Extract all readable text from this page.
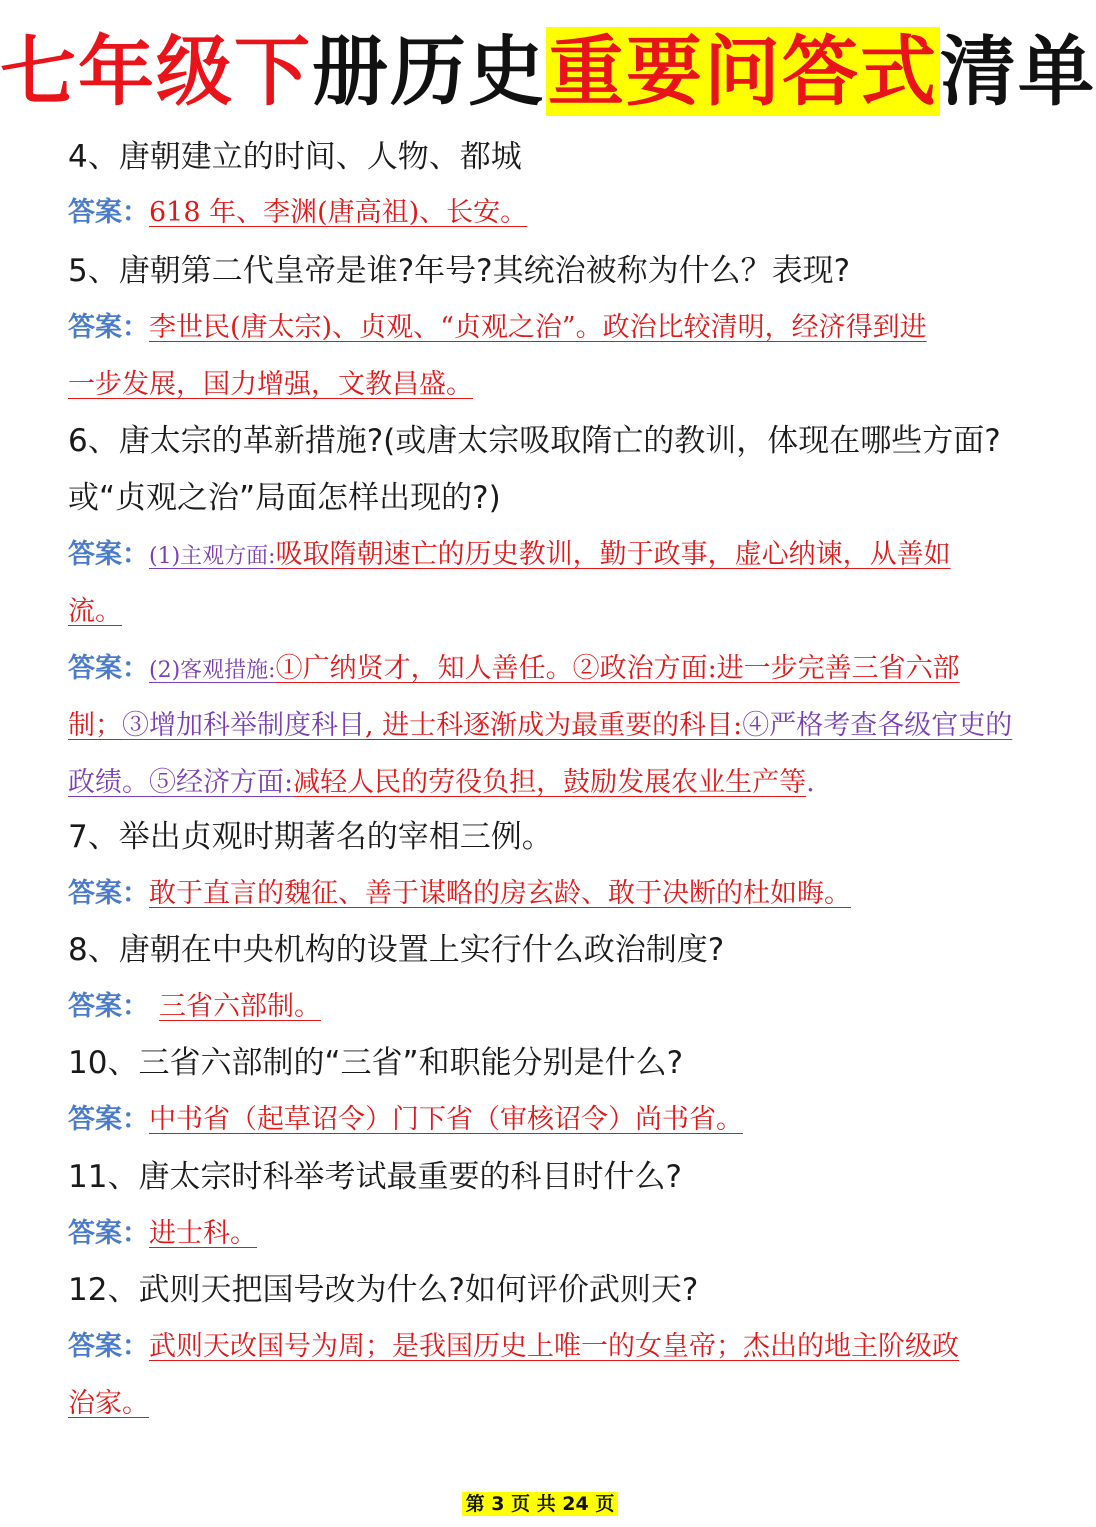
七年级下册历史重要问答式清单
4、唐朝建立的时间、人物、都城
答案：618 年、李渊(唐高祖)、长安。
5、唐朝第二代皇帝是谁?年号?其统治被称为什么？表现?
答案：李世民(唐太宗)、贞观、“贞观之治”。政治比较清明，经济得到进
一步发展，国力增强，文教昌盛。
6、唐太宗的革新措施?(或唐太宗吸取隋亡的教训，体现在哪些方面?
或“贞观之治”局面怎样出现的?)
答案：(1)主观方面:吸取隋朝速亡的历史教训，勤于政事，虚心纳谏，从善如
流。
答案：(2)客观措施:①广纳贤才，知人善任。②政治方面:进一步完善三省六部
制；③增加科举制度科目, 进士科逐渐成为最重要的科目:④严格考查各级官吏的
政绩。⑤经济方面:减轻人民的劳役负担，鼓励发展农业生产等.
7、举出贞观时期著名的宰相三例。
答案：敢于直言的魏征、善于谋略的房玄龄、敢于决断的杜如晦。
8、唐朝在中央机构的设置上实行什么政治制度?
答案： 三省六部制。
10、三省六部制的“三省”和职能分别是什么?
答案：中书省（起草诏令）门下省（审核诏令）尚书省。
11、唐太宗时科举考试最重要的科目时什么?
答案：进士科。
12、武则天把国号改为什么?如何评价武则天?
答案：武则天改国号为周；是我国历史上唯一的女皇帝；杰出的地主阶级政
治家。
第 3 页 共 24 页
